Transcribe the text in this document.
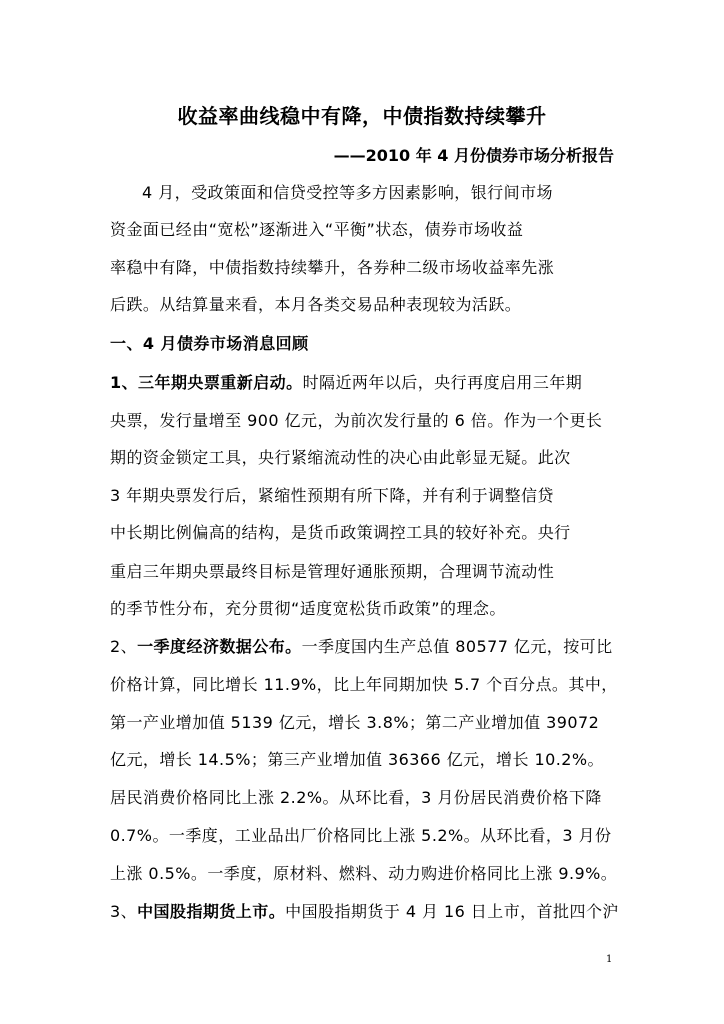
收益率曲线稳中有降，中债指数持续攀升
——2010 年 4 月份债券市场分析报告
4 月，受政策面和信贷受控等多方因素影响，银行间市场
资金面已经由“宽松”逐渐进入“平衡”状态，债券市场收益
率稳中有降，中债指数持续攀升，各券种二级市场收益率先涨
后跌。从结算量来看，本月各类交易品种表现较为活跃。
一、4 月债券市场消息回顾
1、三年期央票重新启动。时隔近两年以后，央行再度启用三年期
央票，发行量增至 900 亿元，为前次发行量的 6 倍。作为一个更长
期的资金锁定工具，央行紧缩流动性的决心由此彰显无疑。此次
3 年期央票发行后，紧缩性预期有所下降，并有利于调整信贷
中长期比例偏高的结构，是货币政策调控工具的较好补充。央行
重启三年期央票最终目标是管理好通胀预期，合理调节流动性
的季节性分布，充分贯彻“适度宽松货币政策”的理念。
2、一季度经济数据公布。一季度国内生产总值 80577 亿元，按可比
价格计算，同比增长 11.9%，比上年同期加快 5.7 个百分点。其中，
第一产业增加值 5139 亿元，增长 3.8%；第二产业增加值 39072
亿元，增长 14.5%；第三产业增加值 36366 亿元，增长 10.2%。
居民消费价格同比上涨 2.2%。从环比看，3 月份居民消费价格下降
0.7%。一季度，工业品出厂价格同比上涨 5.2%。从环比看，3 月份
上涨 0.5%。一季度，原材料、燃料、动力购进价格同比上涨 9.9%。
3、中国股指期货上市。中国股指期货于 4 月 16 日上市，首批四个沪
1
